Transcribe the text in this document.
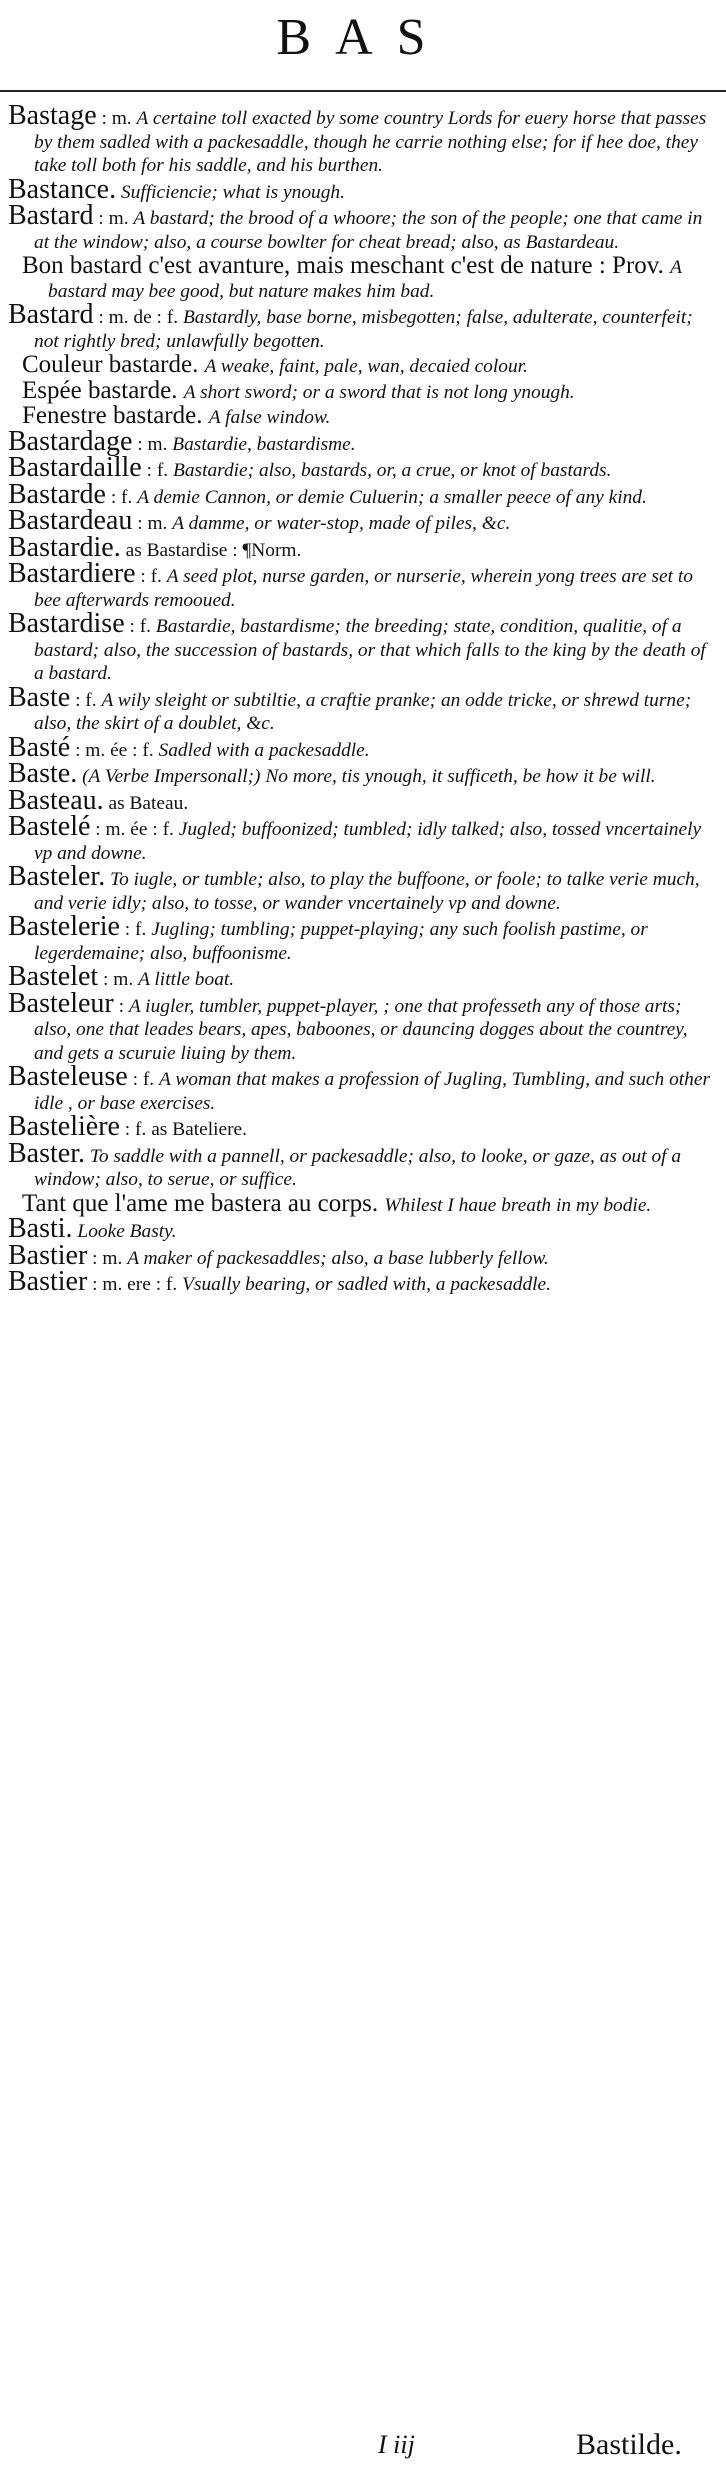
BAS

Bastage : m. A certaine toll exacted by some country Lords for euery horse that passes by them sadled with a packesaddle, though he carrie nothing else; for if hee doe, they take toll both for his saddle, and his burthen.

Bastance. Sufficiencie; what is ynough.

Bastard : m. A bastard; the brood of a whoore; the son of the people; one that came in at the window; also, a course bowlter for cheat bread; also, as Bastardeau.

Bon bastard c'est avanture, mais meschant c'est de nature : Prov. A bastard may bee good, but nature makes him bad.

Bastard : m. de : f. Bastardly, base borne, misbegotten; false, adulterate, counterfeit; not rightly bred; unlawfully begotten.

Couleur bastarde. A weake, faint, pale, wan, decaied colour.

Espée bastarde. A short sword; or a sword that is not long ynough.

Fenestre bastarde. A false window.

Bastardage : m. Bastardie, bastardisme.

Bastardaille : f. Bastardie; also, bastards, or, a crue, or knot of bastards.

Bastarde : f. A demie Cannon, or demie Culuerin; a smaller peece of any kind.

Bastardeau : m. A damme, or water-stop, made of piles, &c.

Bastardie. as Bastardise : ¶Norm.

Bastardiere : f. A seed plot, nurse garden, or nurserie, wherein yong trees are set to bee afterwards remooued.

Bastardise : f. Bastardie, bastardisme; the breeding; state, condition, qualitie, of a bastard; also, the succession of bastards, or that which falls to the king by the death of a bastard.

Baste : f. A wily sleight or subtiltie, a craftie pranke; an odde tricke, or shrewd turne; also, the skirt of a doublet, &c.

Basté : m. ée : f. Sadled with a packesaddle.

Baste. (A Verbe Impersonall;) No more, tis ynough, it sufficeth, be how it be will.

Basteau. as Bateau.

Bastelé : m. ée : f. Jugled; buffoonized; tumbled; idly talked; also, tossed vncertainely vp and downe.

Basteler. To iugle, or tumble; also, to play the buffoone, or foole; to talke verie much, and verie idly; also, to tosse, or wander vncertainely vp and downe.

Bastelerie : f. Jugling; tumbling; puppet-playing; any such foolish pastime, or legerdemaine; also, buffoonisme.

Bastelet : m. A little boat.

Basteleur : A iugler, tumbler, puppet-player, ; one that professeth any of those arts; also, one that leades bears, apes, baboones, or dauncing dogges about the countrey, and gets a scuruie liuing by them.

Basteleuse : f. A woman that makes a profession of Jugling, Tumbling, and such other idle , or base exercises.

Bastelière : f. as Bateliere.

Baster. To saddle with a pannell, or packesaddle; also, to looke, or gaze, as out of a window; also, to serue, or suffice.

Tant que l'ame me bastera au corps. Whilest I haue breath in my bodie.

Basti. Looke Basty.

Bastier : m. A maker of packesaddles; also, a base lubberly fellow.

Bastier : m. ere : f. Vsually bearing, or sadled with, a packesaddle.

I iij	Bastilde.
